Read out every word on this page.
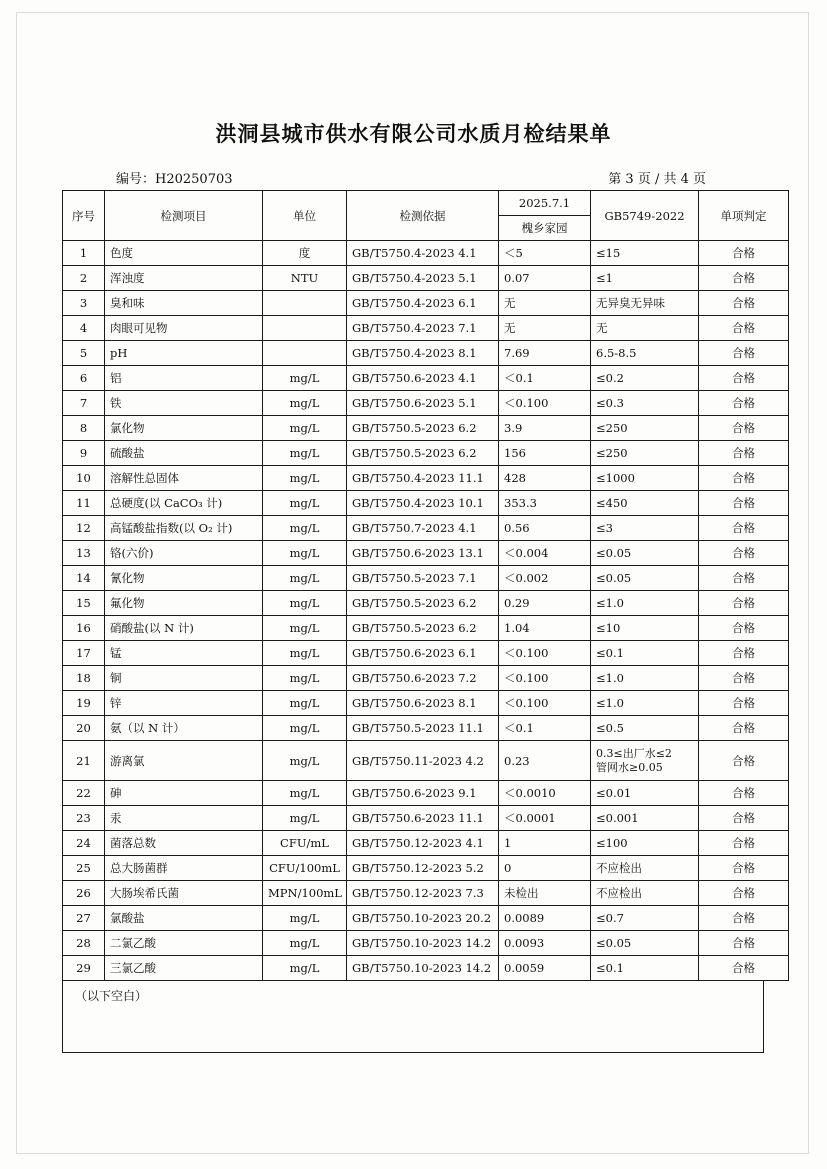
洪洞县城市供水有限公司水质月检结果单
编号：H20250703	第 3 页 / 共 4 页
序号	检测项目	单位	检测依据	2025.7.1	GB5749-2022	单项判定
				槐乡家园		
1	色度	度	GB/T5750.4-2023 4.1	＜5	≤15	合格
2	浑浊度	NTU	GB/T5750.4-2023 5.1	0.07	≤1	合格
3	臭和味		GB/T5750.4-2023 6.1	无	无异臭无异味	合格
4	肉眼可见物		GB/T5750.4-2023 7.1	无	无	合格
5	pH		GB/T5750.4-2023 8.1	7.69	6.5-8.5	合格
6	铝	mg/L	GB/T5750.6-2023 4.1	＜0.1	≤0.2	合格
7	铁	mg/L	GB/T5750.6-2023 5.1	＜0.100	≤0.3	合格
8	氯化物	mg/L	GB/T5750.5-2023 6.2	3.9	≤250	合格
9	硫酸盐	mg/L	GB/T5750.5-2023 6.2	156	≤250	合格
10	溶解性总固体	mg/L	GB/T5750.4-2023 11.1	428	≤1000	合格
11	总硬度(以 CaCO₃ 计)	mg/L	GB/T5750.4-2023 10.1	353.3	≤450	合格
12	高锰酸盐指数(以 O₂ 计)	mg/L	GB/T5750.7-2023 4.1	0.56	≤3	合格
13	铬(六价)	mg/L	GB/T5750.6-2023 13.1	＜0.004	≤0.05	合格
14	氰化物	mg/L	GB/T5750.5-2023 7.1	＜0.002	≤0.05	合格
15	氟化物	mg/L	GB/T5750.5-2023 6.2	0.29	≤1.0	合格
16	硝酸盐(以 N 计)	mg/L	GB/T5750.5-2023 6.2	1.04	≤10	合格
17	锰	mg/L	GB/T5750.6-2023 6.1	＜0.100	≤0.1	合格
18	铜	mg/L	GB/T5750.6-2023 7.2	＜0.100	≤1.0	合格
19	锌	mg/L	GB/T5750.6-2023 8.1	＜0.100	≤1.0	合格
20	氨（以 N 计）	mg/L	GB/T5750.5-2023 11.1	＜0.1	≤0.5	合格
21	游离氯	mg/L	GB/T5750.11-2023 4.2	0.23	0.3≤出厂水≤2
管网水≥0.05	合格
22	砷	mg/L	GB/T5750.6-2023 9.1	＜0.0010	≤0.01	合格
23	汞	mg/L	GB/T5750.6-2023 11.1	＜0.0001	≤0.001	合格
24	菌落总数	CFU/mL	GB/T5750.12-2023 4.1	1	≤100	合格
25	总大肠菌群	CFU/100mL	GB/T5750.12-2023 5.2	0	不应检出	合格
26	大肠埃希氏菌	MPN/100mL	GB/T5750.12-2023 7.3	未检出	不应检出	合格
27	氯酸盐	mg/L	GB/T5750.10-2023 20.2	0.0089	≤0.7	合格
28	二氯乙酸	mg/L	GB/T5750.10-2023 14.2	0.0093	≤0.05	合格
29	三氯乙酸	mg/L	GB/T5750.10-2023 14.2	0.0059	≤0.1	合格
（以下空白）
